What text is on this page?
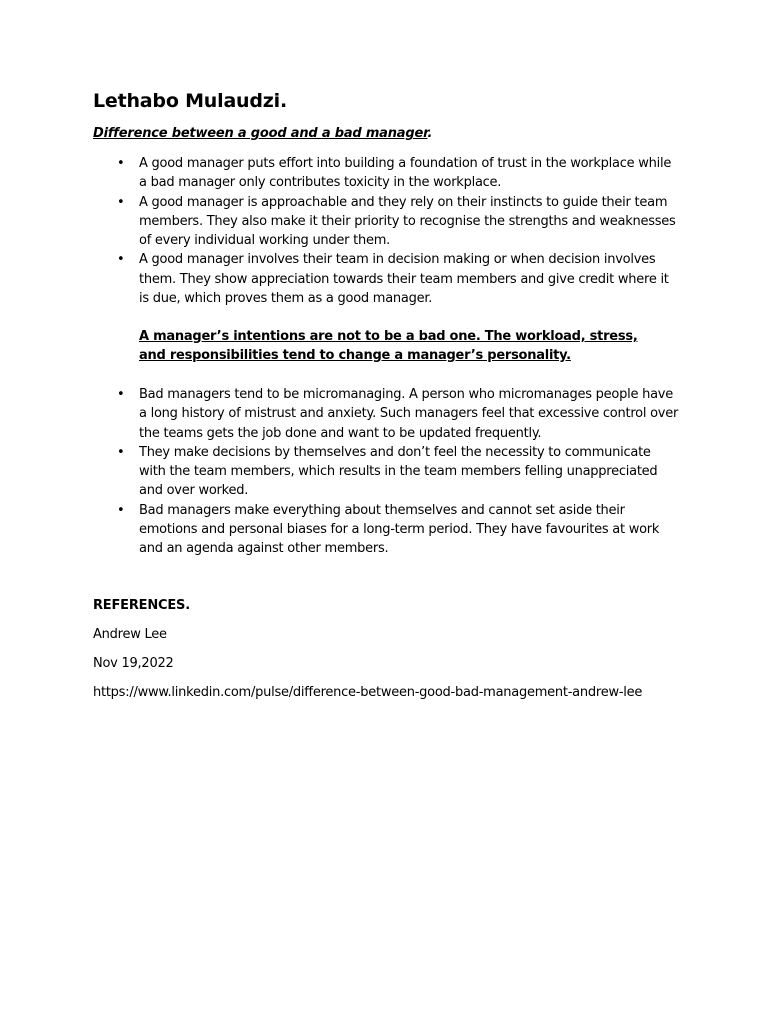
Lethabo Mulaudzi.
Difference between a good and a bad manager.
• A good manager puts effort into building a foundation of trust in the workplace while a bad manager only contributes toxicity in the workplace.
• A good manager is approachable and they rely on their instincts to guide their team members. They also make it their priority to recognise the strengths and weaknesses of every individual working under them.
• A good manager involves their team in decision making or when decision involves them. They show appreciation towards their team members and give credit where it is due, which proves them as a good manager.
A manager’s intentions are not to be a bad one. The workload, stress, and responsibilities tend to change a manager’s personality.
• Bad managers tend to be micromanaging. A person who micromanages people have a long history of mistrust and anxiety. Such managers feel that excessive control over the teams gets the job done and want to be updated frequently.
• They make decisions by themselves and don’t feel the necessity to communicate with the team members, which results in the team members felling unappreciated and over worked.
• Bad managers make everything about themselves and cannot set aside their emotions and personal biases for a long-term period. They have favourites at work and an agenda against other members.
REFERENCES.
Andrew Lee
Nov 19,2022
https://www.linkedin.com/pulse/difference-between-good-bad-management-andrew-lee
